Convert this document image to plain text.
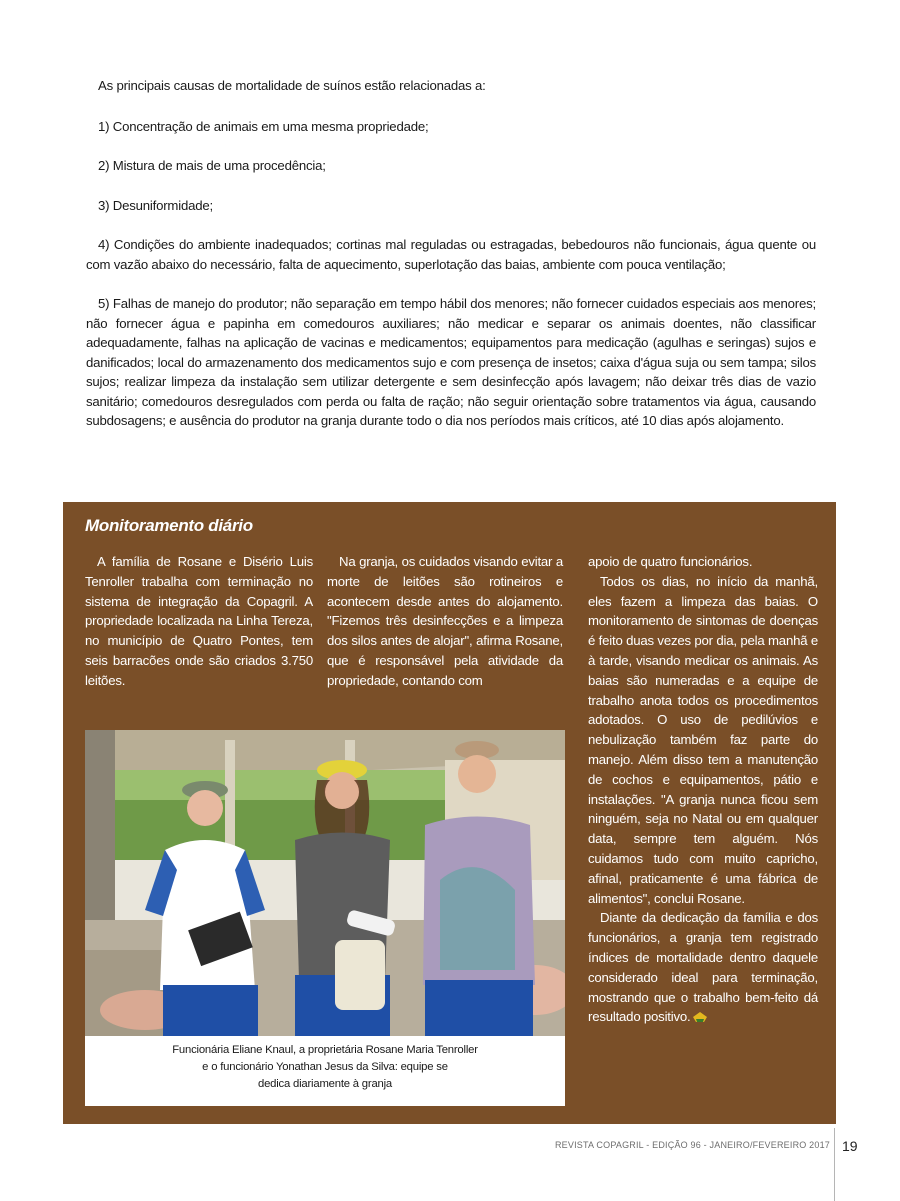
As principais causas de mortalidade de suínos estão relacionadas a:

1) Concentração de animais em uma mesma propriedade;

2) Mistura de mais de uma procedência;

3) Desuniformidade;

4) Condições do ambiente inadequados; cortinas mal reguladas ou estragadas, bebedouros não funcionais, água quente ou com vazão abaixo do necessário, falta de aquecimento, superlotação das baias, ambiente com pouca ventilação;

5) Falhas de manejo do produtor; não separação em tempo hábil dos menores; não fornecer cuidados especiais aos menores; não fornecer água e papinha em comedouros auxiliares; não medicar e separar os animais doentes, não classificar adequadamente, falhas na aplicação de vacinas e medicamentos; equipamentos para medicação (agulhas e seringas) sujos e danificados; local do armazenamento dos medicamentos sujo e com presença de insetos; caixa d'água suja ou sem tampa; silos sujos; realizar limpeza da instalação sem utilizar detergente e sem desinfecção após lavagem; não deixar três dias de vazio sanitário; comedouros desregulados com perda ou falta de ração; não seguir orientação sobre tratamentos via água, causando subdosagens; e ausência do produtor na granja durante todo o dia nos períodos mais críticos, até 10 dias após alojamento.

Monitoramento diário

A família de Rosane e Disério Luis Tenroller trabalha com terminação no sistema de integração da Copagril. A propriedade localizada na Linha Tereza, no município de Quatro Pontes, tem seis barracões onde são criados 3.750 leitões.

Na granja, os cuidados visando evitar a morte de leitões são rotineiros e acontecem desde antes do alojamento. "Fizemos três desinfecções e a limpeza dos silos antes de alojar", afirma Rosane, que é responsável pela atividade da propriedade, contando com

apoio de quatro funcionários.

Todos os dias, no início da manhã, eles fazem a limpeza das baias. O monitoramento de sintomas de doenças é feito duas vezes por dia, pela manhã e à tarde, visando medicar os animais. As baias são numeradas e a equipe de trabalho anota todos os procedimentos adotados. O uso de pedilúvios e nebulização também faz parte do manejo. Além disso tem a manutenção de cochos e equipamentos, pátio e instalações. "A granja nunca ficou sem ninguém, seja no Natal ou em qualquer data, sempre tem alguém. Nós cuidamos tudo com muito capricho, afinal, praticamente é uma fábrica de alimentos", conclui Rosane.

Diante da dedicação da família e dos funcionários, a granja tem registrado índices de mortalidade dentro daquele considerado ideal para terminação, mostrando que o trabalho bem-feito dá resultado positivo.

Funcionária Eliane Knaul, a proprietária Rosane Maria Tenroller
e o funcionário Yonathan Jesus da Silva: equipe se
dedica diariamente à granja
REVISTA COPAGRIL - EDIÇÃO 96 - JANEIRO/FEVEREIRO 2017 19
